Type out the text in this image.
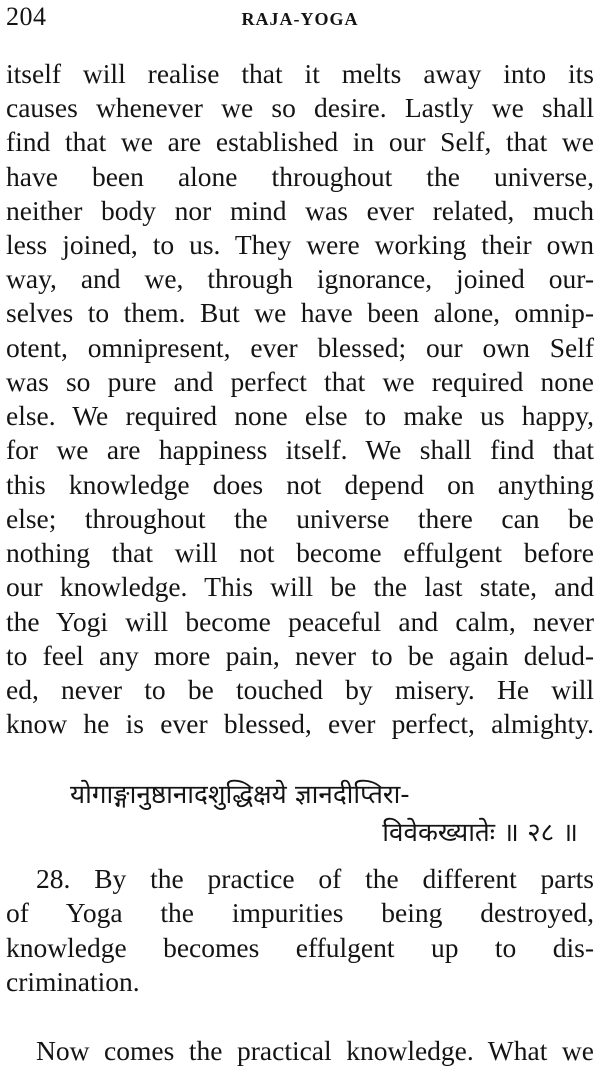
204	RAJA-YOGA
itself will realise that it melts away into its
causes whenever we so desire. Lastly we shall
find that we are established in our Self, that we
have been alone throughout the universe,
neither body nor mind was ever related, much
less joined, to us. They were working their own
way, and we, through ignorance, joined our-
selves to them. But we have been alone, omnip-
otent, omnipresent, ever blessed; our own Self
was so pure and perfect that we required none
else. We required none else to make us happy,
for we are happiness itself. We shall find that
this knowledge does not depend on anything
else; throughout the universe there can be
nothing that will not become effulgent before
our knowledge. This will be the last state, and
the Yogi will become peaceful and calm, never
to feel any more pain, never to be again delud-
ed, never to be touched by misery. He will
know he is ever blessed, ever perfect, almighty.
योगाङ्गानुष्ठानादशुद्धिक्षये ज्ञानदीप्तिरा-
विवेकख्यातेः ॥ २८ ॥
28. By the practice of the different parts
of Yoga the impurities being destroyed,
knowledge becomes effulgent up to dis-
crimination.
Now comes the practical knowledge. What we
